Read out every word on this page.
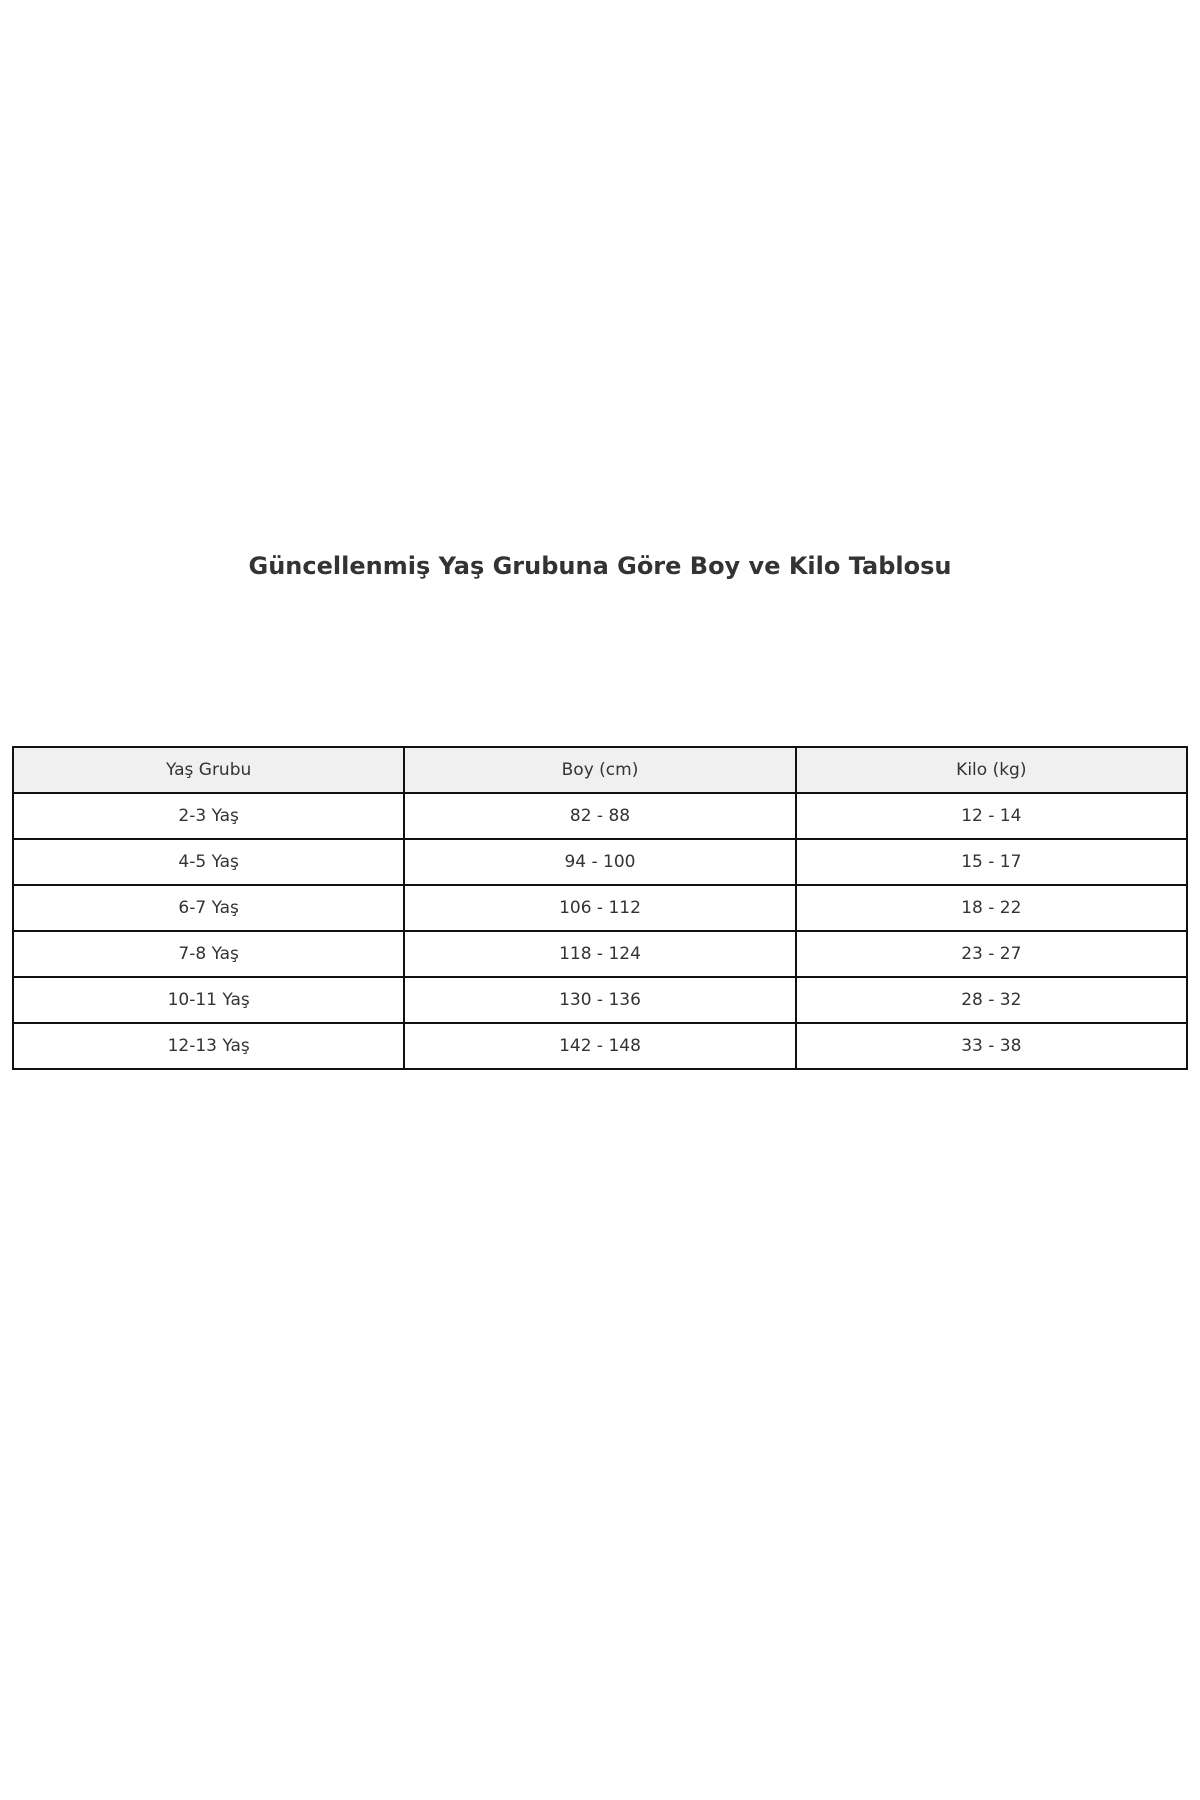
Güncellenmiş Yaş Grubuna Göre Boy ve Kilo Tablosu
Yaş Grubu	Boy (cm)	Kilo (kg)
2-3 Yaş	82 - 88	12 - 14
4-5 Yaş	94 - 100	15 - 17
6-7 Yaş	106 - 112	18 - 22
7-8 Yaş	118 - 124	23 - 27
10-11 Yaş	130 - 136	28 - 32
12-13 Yaş	142 - 148	33 - 38
